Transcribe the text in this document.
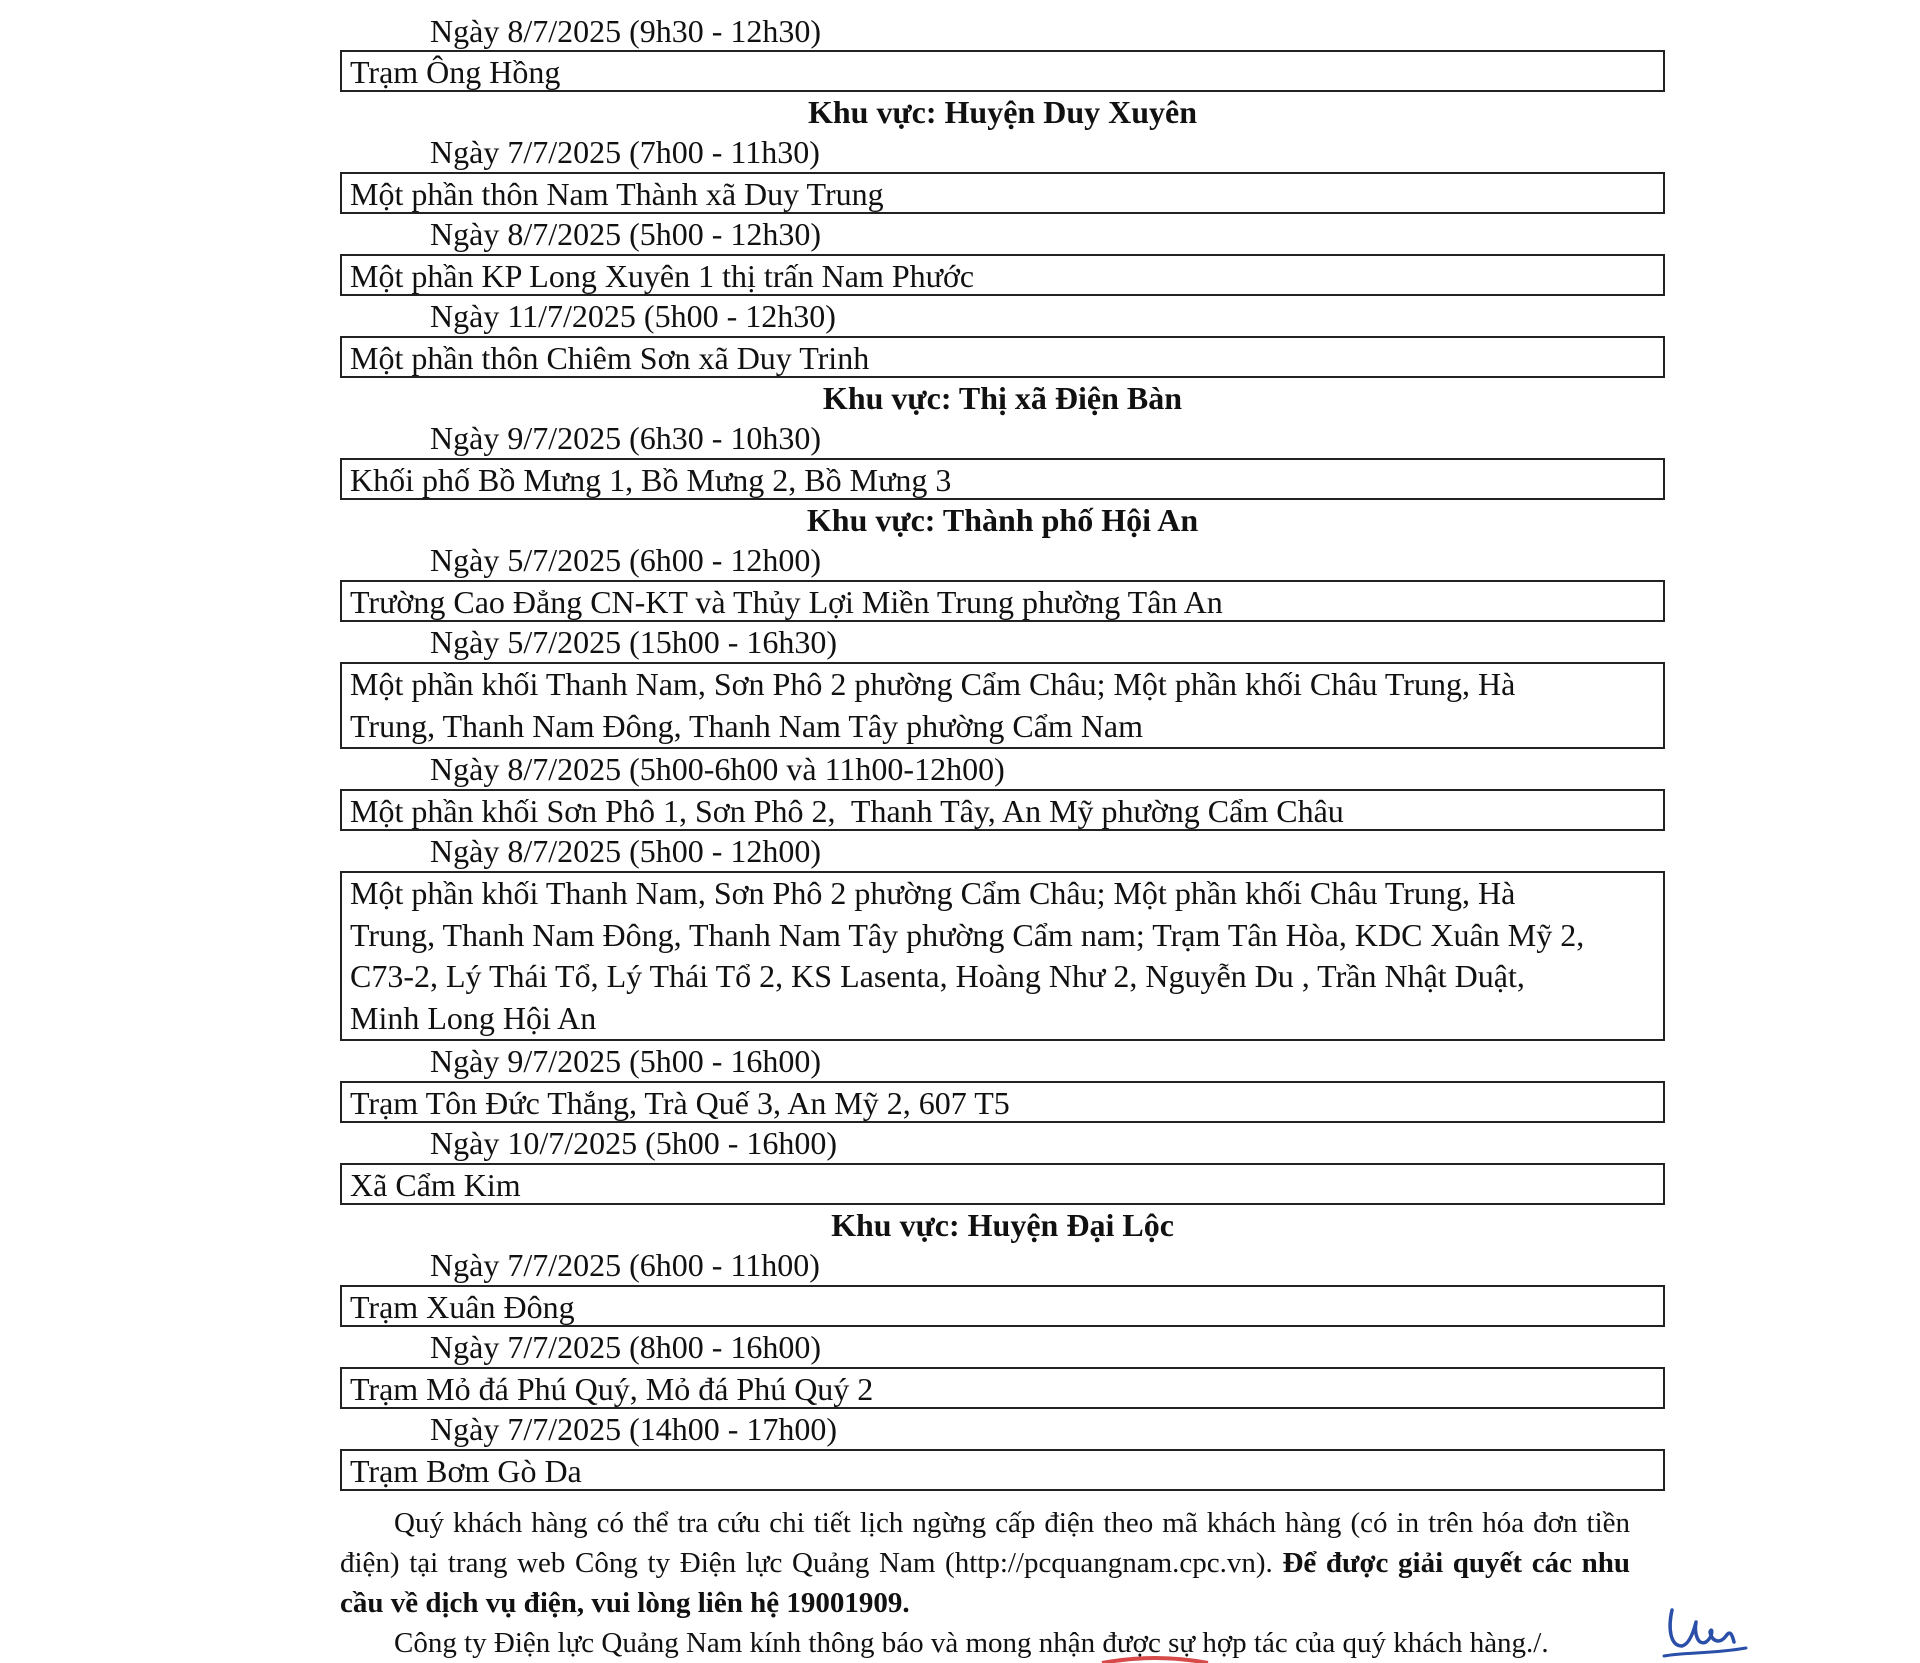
Ngày 8/7/2025 (9h30 - 12h30)
Trạm Ông Hồng
Khu vực: Huyện Duy Xuyên
Ngày 7/7/2025 (7h00 - 11h30)
Một phần thôn Nam Thành xã Duy Trung
Ngày 8/7/2025 (5h00 - 12h30)
Một phần KP Long Xuyên 1 thị trấn Nam Phước
Ngày 11/7/2025 (5h00 - 12h30)
Một phần thôn Chiêm Sơn xã Duy Trinh
Khu vực: Thị xã Điện Bàn
Ngày 9/7/2025 (6h30 - 10h30)
Khối phố Bồ Mưng 1, Bồ Mưng 2, Bồ Mưng 3
Khu vực: Thành phố Hội An
Ngày 5/7/2025 (6h00 - 12h00)
Trường Cao Đẳng CN-KT và Thủy Lợi Miền Trung phường Tân An
Ngày 5/7/2025 (15h00 - 16h30)
Một phần khối Thanh Nam, Sơn Phô 2 phường Cẩm Châu; Một phần khối Châu Trung, Hà
Trung, Thanh Nam Đông, Thanh Nam Tây phường Cẩm Nam
Ngày 8/7/2025 (5h00-6h00 và 11h00-12h00)
Một phần khối Sơn Phô 1, Sơn Phô 2,  Thanh Tây, An Mỹ phường Cẩm Châu
Ngày 8/7/2025 (5h00 - 12h00)
Một phần khối Thanh Nam, Sơn Phô 2 phường Cẩm Châu; Một phần khối Châu Trung, Hà
Trung, Thanh Nam Đông, Thanh Nam Tây phường Cẩm nam; Trạm Tân Hòa, KDC Xuân Mỹ 2,
C73-2, Lý Thái Tổ, Lý Thái Tổ 2, KS Lasenta, Hoàng Như 2, Nguyễn Du , Trần Nhật Duật,
Minh Long Hội An
Ngày 9/7/2025 (5h00 - 16h00)
Trạm Tôn Đức Thắng, Trà Quế 3, An Mỹ 2, 607 T5
Ngày 10/7/2025 (5h00 - 16h00)
Xã Cẩm Kim
Khu vực: Huyện Đại Lộc
Ngày 7/7/2025 (6h00 - 11h00)
Trạm Xuân Đông
Ngày 7/7/2025 (8h00 - 16h00)
Trạm Mỏ đá Phú Quý, Mỏ đá Phú Quý 2
Ngày 7/7/2025 (14h00 - 17h00)
Trạm Bơm Gò Da

Quý khách hàng có thể tra cứu chi tiết lịch ngừng cấp điện theo mã khách hàng (có in trên hóa đơn tiền điện) tại trang web Công ty Điện lực Quảng Nam (http://pcquangnam.cpc.vn). Để được giải quyết các nhu cầu về dịch vụ điện, vui lòng liên hệ 19001909.

Công ty Điện lực Quảng Nam kính thông báo và mong nhận được sự hợp tác của quý khách hàng./.
